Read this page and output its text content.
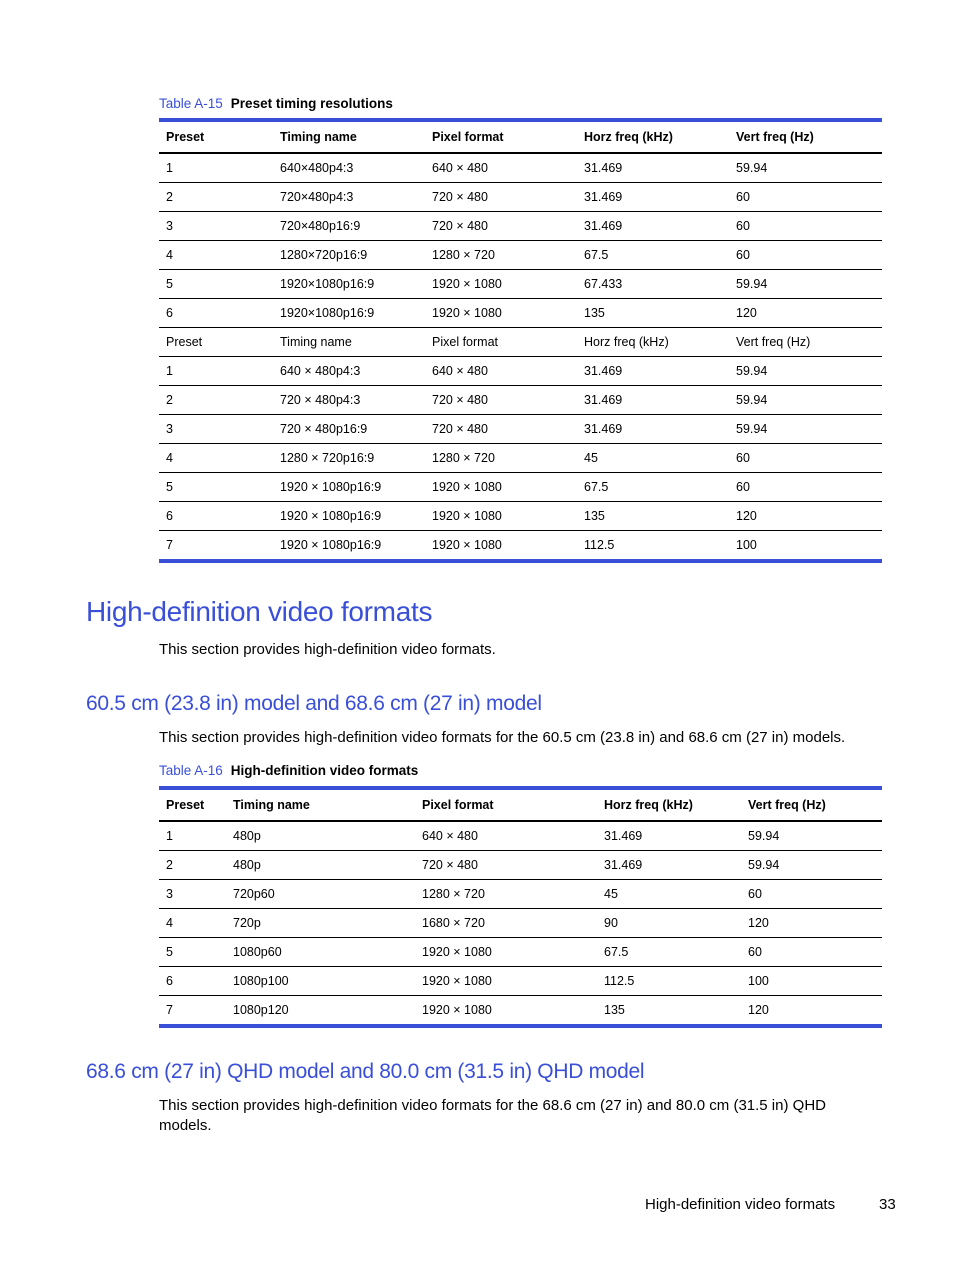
Table A-15 Preset timing resolutions
Preset	Timing name	Pixel format	Horz freq (kHz)	Vert freq (Hz)
1	640×480p4:3	640 × 480	31.469	59.94
2	720×480p4:3	720 × 480	31.469	60
3	720×480p16:9	720 × 480	31.469	60
4	1280×720p16:9	1280 × 720	67.5	60
5	1920×1080p16:9	1920 × 1080	67.433	59.94
6	1920×1080p16:9	1920 × 1080	135	120
Preset	Timing name	Pixel format	Horz freq (kHz)	Vert freq (Hz)
1	640 × 480p4:3	640 × 480	31.469	59.94
2	720 × 480p4:3	720 × 480	31.469	59.94
3	720 × 480p16:9	720 × 480	31.469	59.94
4	1280 × 720p16:9	1280 × 720	45	60
5	1920 × 1080p16:9	1920 × 1080	67.5	60
6	1920 × 1080p16:9	1920 × 1080	135	120
7	1920 × 1080p16:9	1920 × 1080	112.5	100
High-definition video formats
This section provides high-definition video formats.
60.5 cm (23.8 in) model and 68.6 cm (27 in) model
This section provides high-definition video formats for the 60.5 cm (23.8 in) and 68.6 cm (27 in) models.
Table A-16 High-definition video formats
Preset	Timing name	Pixel format	Horz freq (kHz)	Vert freq (Hz)
1	480p	640 × 480	31.469	59.94
2	480p	720 × 480	31.469	59.94
3	720p60	1280 × 720	45	60
4	720p	1680 × 720	90	120
5	1080p60	1920 × 1080	67.5	60
6	1080p100	1920 × 1080	112.5	100
7	1080p120	1920 × 1080	135	120
68.6 cm (27 in) QHD model and 80.0 cm (31.5 in) QHD model
This section provides high-definition video formats for the 68.6 cm (27 in) and 80.0 cm (31.5 in) QHD models.
High-definition video formats	33
